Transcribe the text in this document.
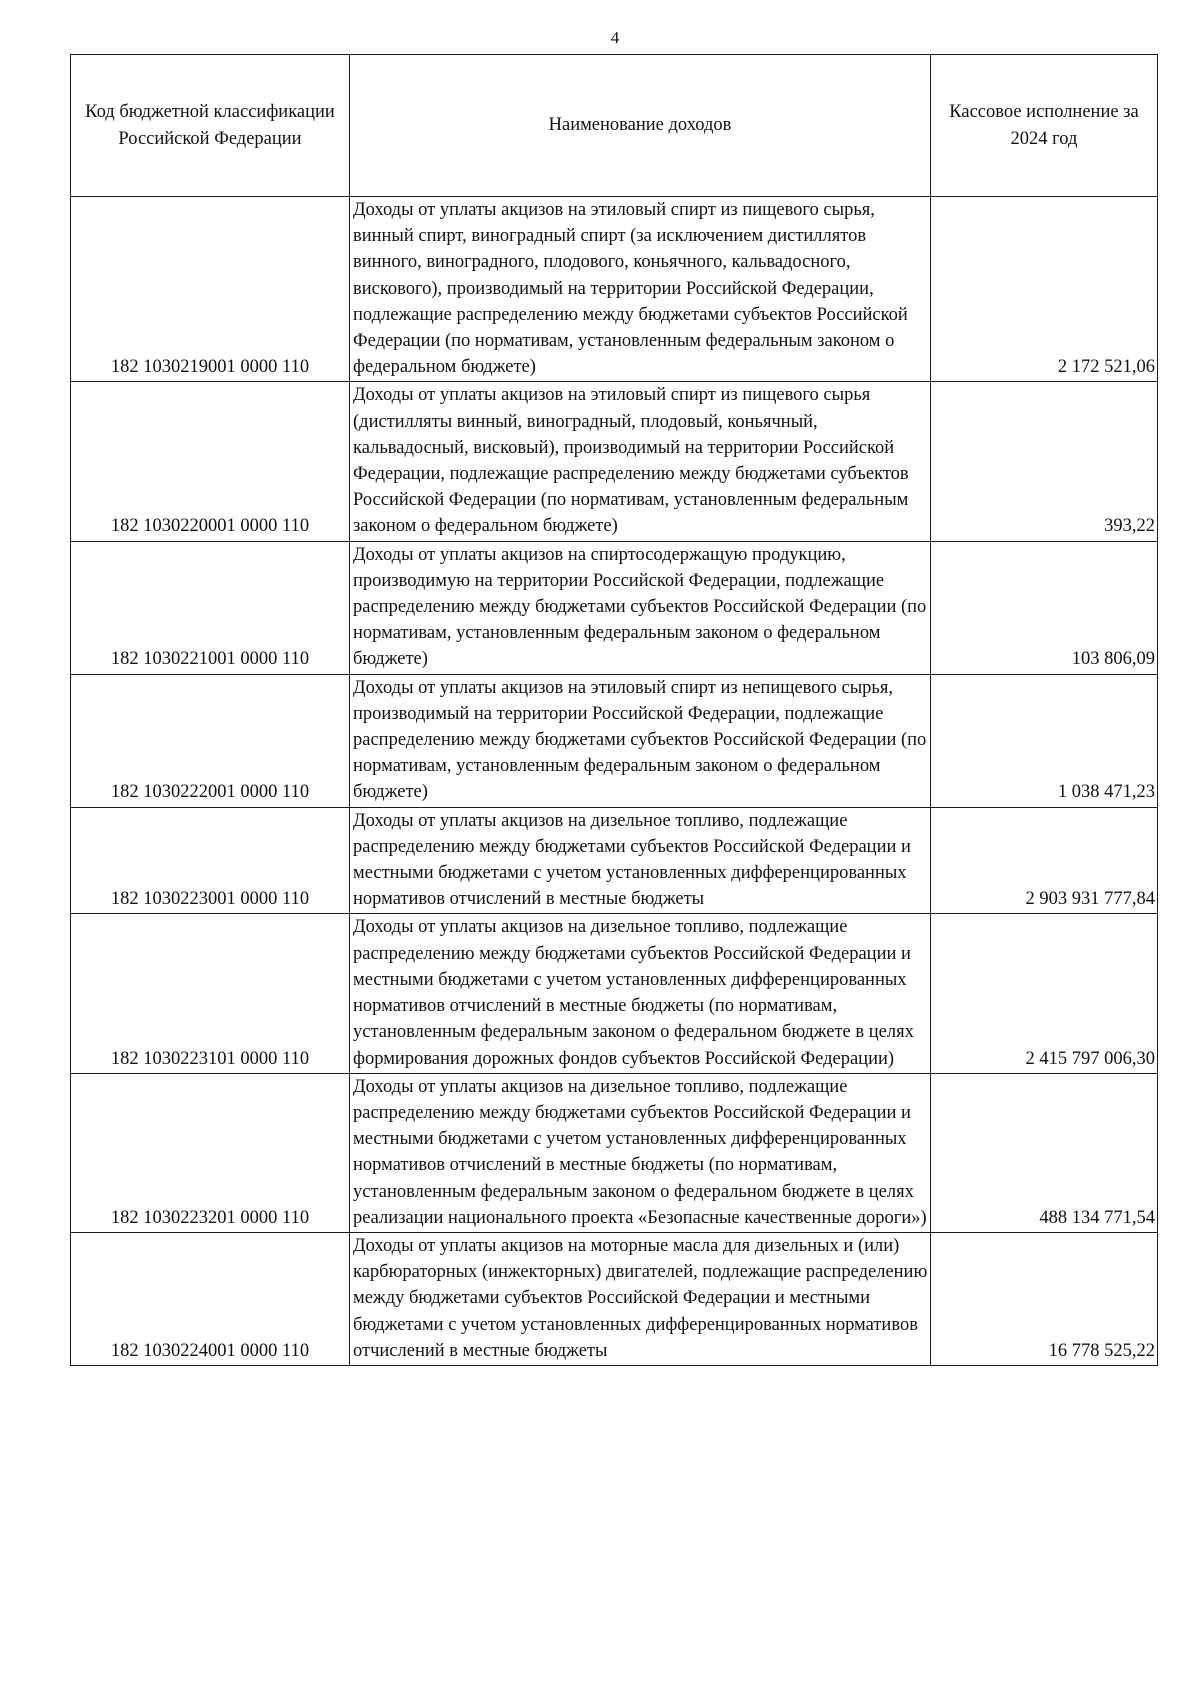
4
Код бюджетной классификации Российской Федерации	Наименование доходов	Кассовое исполнение за 2024 год

182 1030219001 0000 110	Доходы от уплаты акцизов на этиловый спирт из пищевого сырья, винный спирт, виноградный спирт (за исключением дистиллятов винного, виноградного, плодового, коньячного, кальвадосного, вискового), производимый на территории Российской Федерации, подлежащие распределению между бюджетами субъектов Российской Федерации (по нормативам, установленным федеральным законом о федеральном бюджете)	2 172 521,06
182 1030220001 0000 110	Доходы от уплаты акцизов на этиловый спирт из пищевого сырья (дистилляты винный, виноградный, плодовый, коньячный, кальвадосный, висковый), производимый на территории Российской Федерации, подлежащие распределению между бюджетами субъектов Российской Федерации (по нормативам, установленным федеральным законом о федеральном бюджете)	393,22
182 1030221001 0000 110	Доходы от уплаты акцизов на спиртосодержащую продукцию, производимую на территории Российской Федерации, подлежащие распределению между бюджетами субъектов Российской Федерации (по нормативам, установленным федеральным законом о федеральном бюджете)	103 806,09
182 1030222001 0000 110	Доходы от уплаты акцизов на этиловый спирт из непищевого сырья, производимый на территории Российской Федерации, подлежащие распределению между бюджетами субъектов Российской Федерации (по нормативам, установленным федеральным законом о федеральном бюджете)	1 038 471,23
182 1030223001 0000 110	Доходы от уплаты акцизов на дизельное топливо, подлежащие распределению между бюджетами субъектов Российской Федерации и местными бюджетами с учетом установленных дифференцированных нормативов отчислений в местные бюджеты	2 903 931 777,84
182 1030223101 0000 110	Доходы от уплаты акцизов на дизельное топливо, подлежащие распределению между бюджетами субъектов Российской Федерации и местными бюджетами с учетом установленных дифференцированных нормативов отчислений в местные бюджеты (по нормативам, установленным федеральным законом о федеральном бюджете в целях формирования дорожных фондов субъектов Российской Федерации)	2 415 797 006,30
182 1030223201 0000 110	Доходы от уплаты акцизов на дизельное топливо, подлежащие распределению между бюджетами субъектов Российской Федерации и местными бюджетами с учетом установленных дифференцированных нормативов отчислений в местные бюджеты (по нормативам, установленным федеральным законом о федеральном бюджете в целях реализации национального проекта «Безопасные качественные дороги»)	488 134 771,54
182 1030224001 0000 110	Доходы от уплаты акцизов на моторные масла для дизельных и (или) карбюраторных (инжекторных) двигателей, подлежащие распределению между бюджетами субъектов Российской Федерации и местными бюджетами с учетом установленных дифференцированных нормативов отчислений в местные бюджеты	16 778 525,22
